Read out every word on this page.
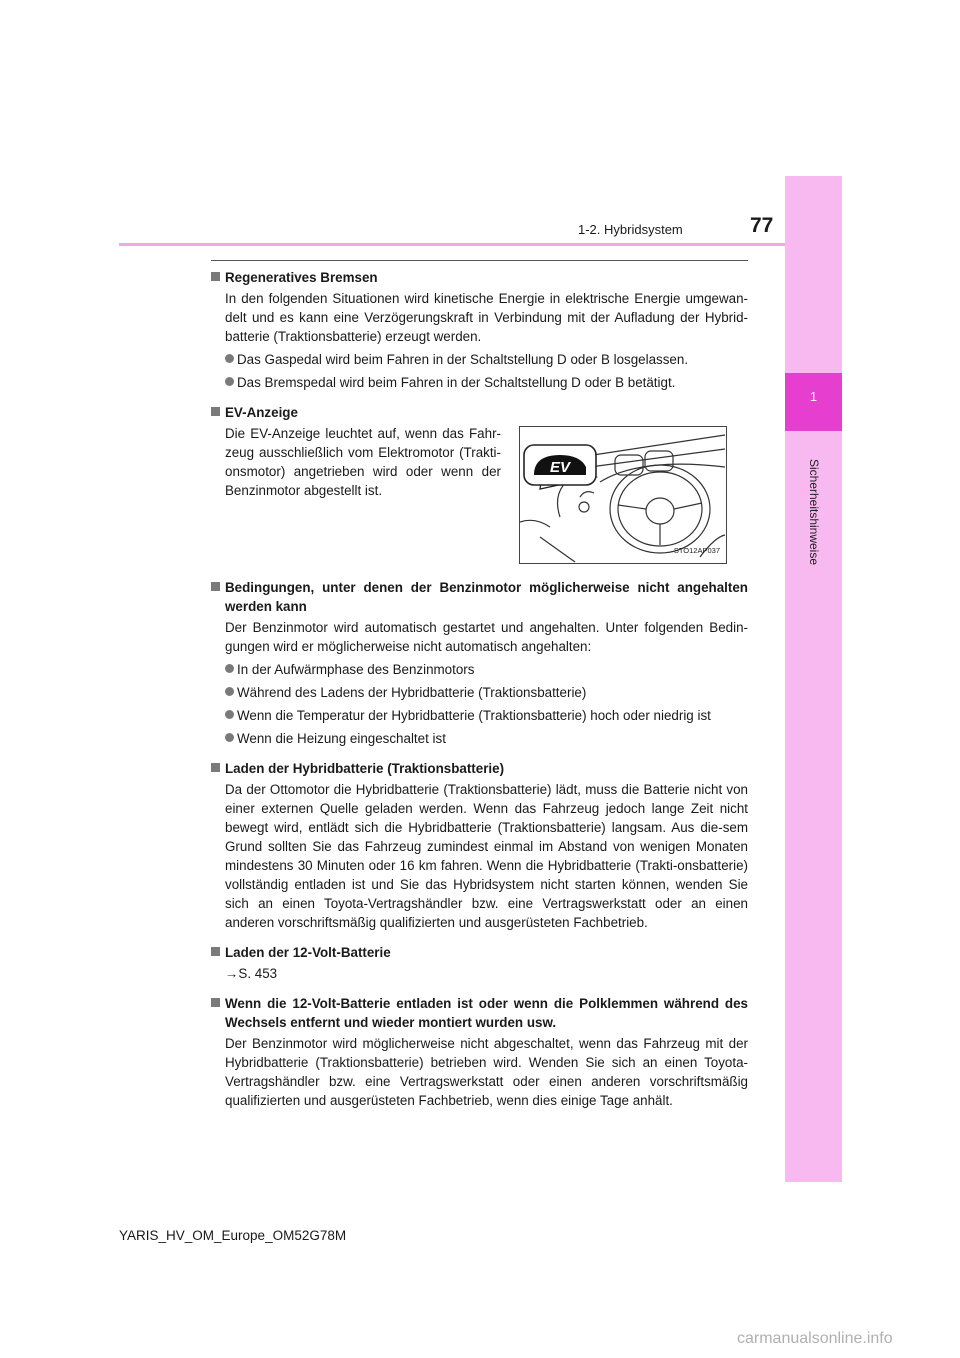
1
Sicherheitshinweise
1-2. Hybridsystem	77
Regeneratives Bremsen
In den folgenden Situationen wird kinetische Energie in elektrische Energie umgewan-delt und es kann eine Verzögerungskraft in Verbindung mit der Aufladung der Hybrid-batterie (Traktionsbatterie) erzeugt werden.
Das Gaspedal wird beim Fahren in der Schaltstellung D oder B losgelassen.
Das Bremspedal wird beim Fahren in der Schaltstellung D oder B betätigt.
EV-Anzeige
Die EV-Anzeige leuchtet auf, wenn das Fahr-zeug ausschließlich vom Elektromotor (Trakti-onsmotor) angetrieben wird oder wenn der Benzinmotor abgestellt ist.
EV
STO12AP037
Bedingungen, unter denen der Benzinmotor möglicherweise nicht angehalten werden kann
Der Benzinmotor wird automatisch gestartet und angehalten. Unter folgenden Bedin-gungen wird er möglicherweise nicht automatisch angehalten:
In der Aufwärmphase des Benzinmotors
Während des Ladens der Hybridbatterie (Traktionsbatterie)
Wenn die Temperatur der Hybridbatterie (Traktionsbatterie) hoch oder niedrig ist
Wenn die Heizung eingeschaltet ist
Laden der Hybridbatterie (Traktionsbatterie)
Da der Ottomotor die Hybridbatterie (Traktionsbatterie) lädt, muss die Batterie nicht von einer externen Quelle geladen werden. Wenn das Fahrzeug jedoch lange Zeit nicht bewegt wird, entlädt sich die Hybridbatterie (Traktionsbatterie) langsam. Aus die-sem Grund sollten Sie das Fahrzeug zumindest einmal im Abstand von wenigen Monaten mindestens 30 Minuten oder 16 km fahren. Wenn die Hybridbatterie (Trakti-onsbatterie) vollständig entladen ist und Sie das Hybridsystem nicht starten können, wenden Sie sich an einen Toyota-Vertragshändler bzw. eine Vertragswerkstatt oder an einen anderen vorschriftsmäßig qualifizierten und ausgerüsteten Fachbetrieb.
Laden der 12-Volt-Batterie
→S. 453
Wenn die 12-Volt-Batterie entladen ist oder wenn die Polklemmen während des Wechsels entfernt und wieder montiert wurden usw.
Der Benzinmotor wird möglicherweise nicht abgeschaltet, wenn das Fahrzeug mit der Hybridbatterie (Traktionsbatterie) betrieben wird. Wenden Sie sich an einen Toyota-Vertragshändler bzw. eine Vertragswerkstatt oder einen anderen vorschriftsmäßig qualifizierten und ausgerüsteten Fachbetrieb, wenn dies einige Tage anhält.
YARIS_HV_OM_Europe_OM52G78M
carmanualsonline.info
